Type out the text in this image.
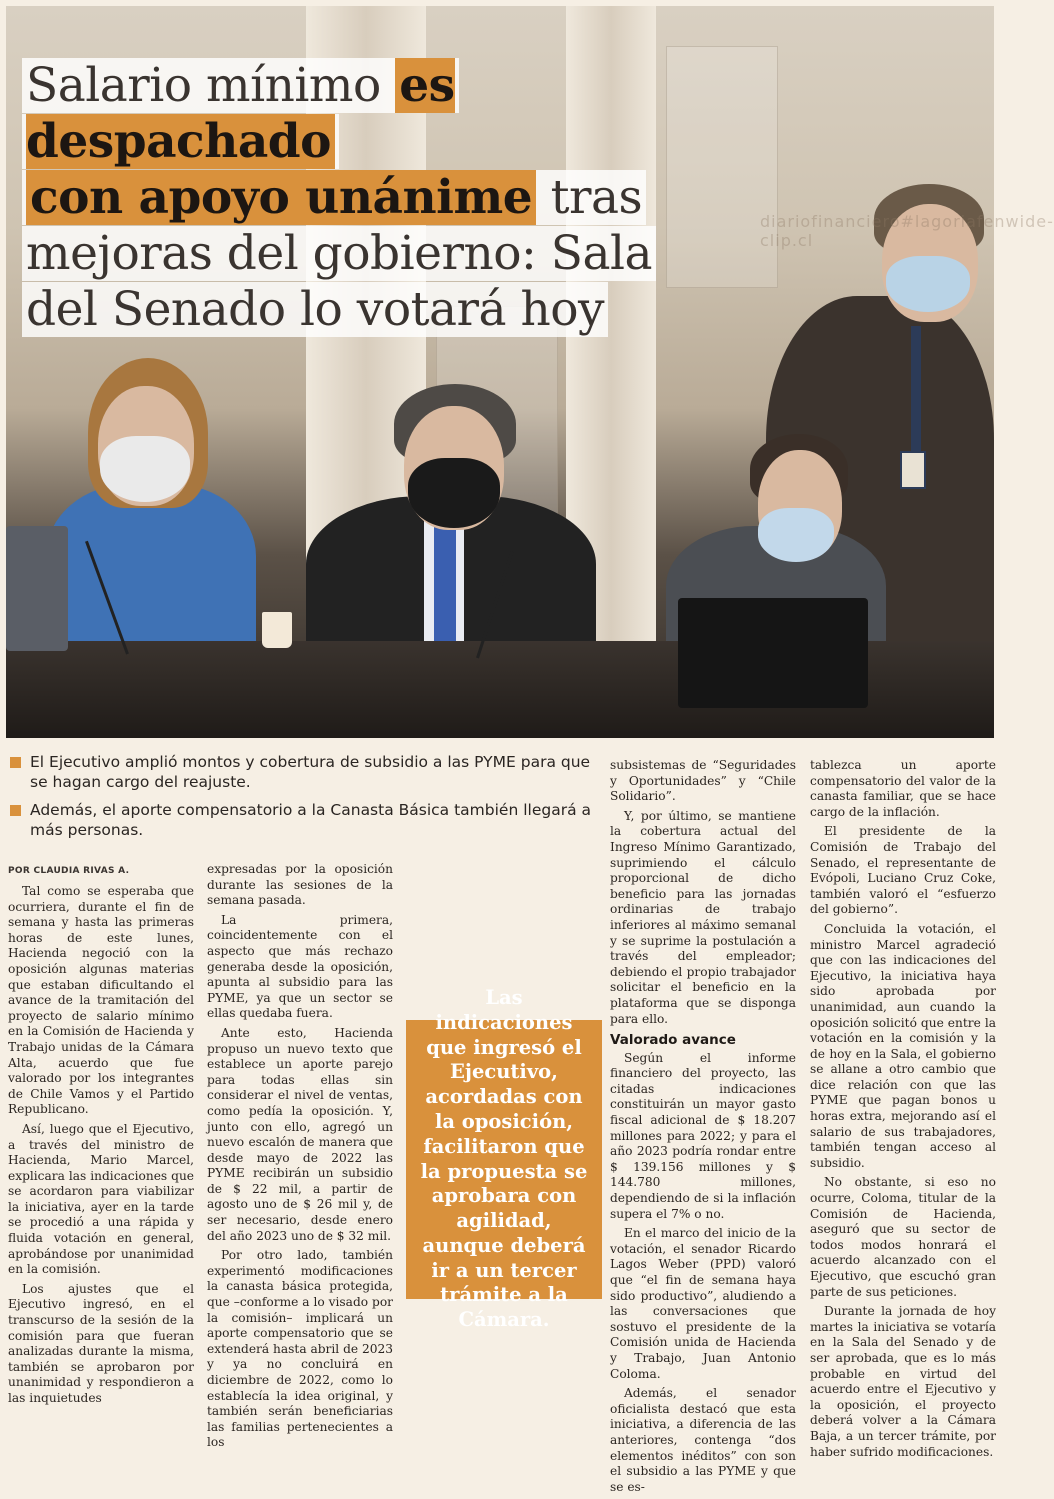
diariofinanciero#lagoriafenwide-clip.cl
Salario mínimo es despachado
con apoyo unánime tras
mejoras del gobierno: Sala
del Senado lo votará hoy
El Ejecutivo amplió montos y cobertura de subsidio a las PYME para que se hagan cargo del reajuste.
Además, el aporte compensatorio a la Canasta Básica también llegará a más personas.
POR CLAUDIA RIVAS A.

Tal como se esperaba que ocurriera, durante el fin de semana y hasta las primeras horas de este lunes, Hacienda negoció con la oposición algunas materias que estaban dificultando el avance de la tramitación del proyecto de salario mínimo en la Comisión de Hacienda y Trabajo unidas de la Cámara Alta, acuerdo que fue valorado por los integrantes de Chile Vamos y el Partido Republicano.

Así, luego que el Ejecutivo, a través del ministro de Hacienda, Mario Marcel, explicara las indicaciones que se acordaron para viabilizar la iniciativa, ayer en la tarde se procedió a una rápida y fluida votación en general, aprobándose por unanimidad en la comisión.

Los ajustes que el Ejecutivo ingresó, en el transcurso de la sesión de la comisión para que fueran analizadas durante la misma, también se aprobaron por unanimidad y respondieron a las inquietudes

expresadas por la oposición durante las sesiones de la semana pasada.

La primera, coincidentemente con el aspecto que más rechazo generaba desde la oposición, apunta al subsidio para las PYME, ya que un sector se ellas quedaba fuera.

Ante esto, Hacienda propuso un nuevo texto que establece un aporte parejo para todas ellas sin considerar el nivel de ventas, como pedía la oposición. Y, junto con ello, agregó un nuevo escalón de manera que desde mayo de 2022 las PYME recibirán un subsidio de $ 22 mil, a partir de agosto uno de $ 26 mil y, de ser necesario, desde enero del año 2023 uno de $ 32 mil.

Por otro lado, también experimentó modificaciones la canasta básica protegida, que –conforme a lo visado por la comisión– implicará un aporte compensatorio que se extenderá hasta abril de 2023 y ya no concluirá en diciembre de 2022, como lo establecía la idea original, y también serán beneficiarias las familias pertenecientes a los

subsistemas de “Seguridades y Oportunidades” y “Chile Solidario”.

Y, por último, se mantiene la cobertura actual del Ingreso Mínimo Garantizado, suprimiendo el cálculo proporcional de dicho beneficio para las jornadas ordinarias de trabajo inferiores al máximo semanal y se suprime la postulación a través del empleador; debiendo el propio trabajador solicitar el beneficio en la plataforma que se disponga para ello.

Valorado avance

Según el informe financiero del proyecto, las citadas indicaciones constituirán un mayor gasto fiscal adicional de $ 18.207 millones para 2022; y para el año 2023 podría rondar entre $ 139.156 millones y $ 144.780 millones, dependiendo de si la inflación supera el 7% o no.

En el marco del inicio de la votación, el senador Ricardo Lagos Weber (PPD) valoró que “el fin de semana haya sido productivo”, aludiendo a las conversaciones que sostuvo el presidente de la Comisión unida de Hacienda y Trabajo, Juan Antonio Coloma.

Además, el senador oficialista destacó que esta iniciativa, a diferencia de las anteriores, contenga “dos elementos inéditos” con son el subsidio a las PYME y que se es-

tablezca un aporte compensatorio del valor de la canasta familiar, que se hace cargo de la inflación.

El presidente de la Comisión de Trabajo del Senado, el representante de Evópoli, Luciano Cruz Coke, también valoró el “esfuerzo del gobierno”.

Concluida la votación, el ministro Marcel agradeció que con las indicaciones del Ejecutivo, la iniciativa haya sido aprobada por unanimidad, aun cuando la oposición solicitó que entre la votación en la comisión y la de hoy en la Sala, el gobierno se allane a otro cambio que dice relación con que las PYME que pagan bonos u horas extra, mejorando así el salario de sus trabajadores, también tengan acceso al subsidio.

No obstante, si eso no ocurre, Coloma, titular de la Comisión de Hacienda, aseguró que su sector de todos modos honrará el acuerdo alcanzado con el Ejecutivo, que escuchó gran parte de sus peticiones.

Durante la jornada de hoy martes la iniciativa se votaría en la Sala del Senado y de ser aprobada, que es lo más probable en virtud del acuerdo entre el Ejecutivo y la oposición, el proyecto deberá volver a la Cámara Baja, a un tercer trámite, por haber sufrido modificaciones.

Las indicaciones que ingresó el Ejecutivo, acordadas con la oposición, facilitaron que la propuesta se aprobara con agilidad, aunque deberá ir a un tercer trámite a la Cámara.
